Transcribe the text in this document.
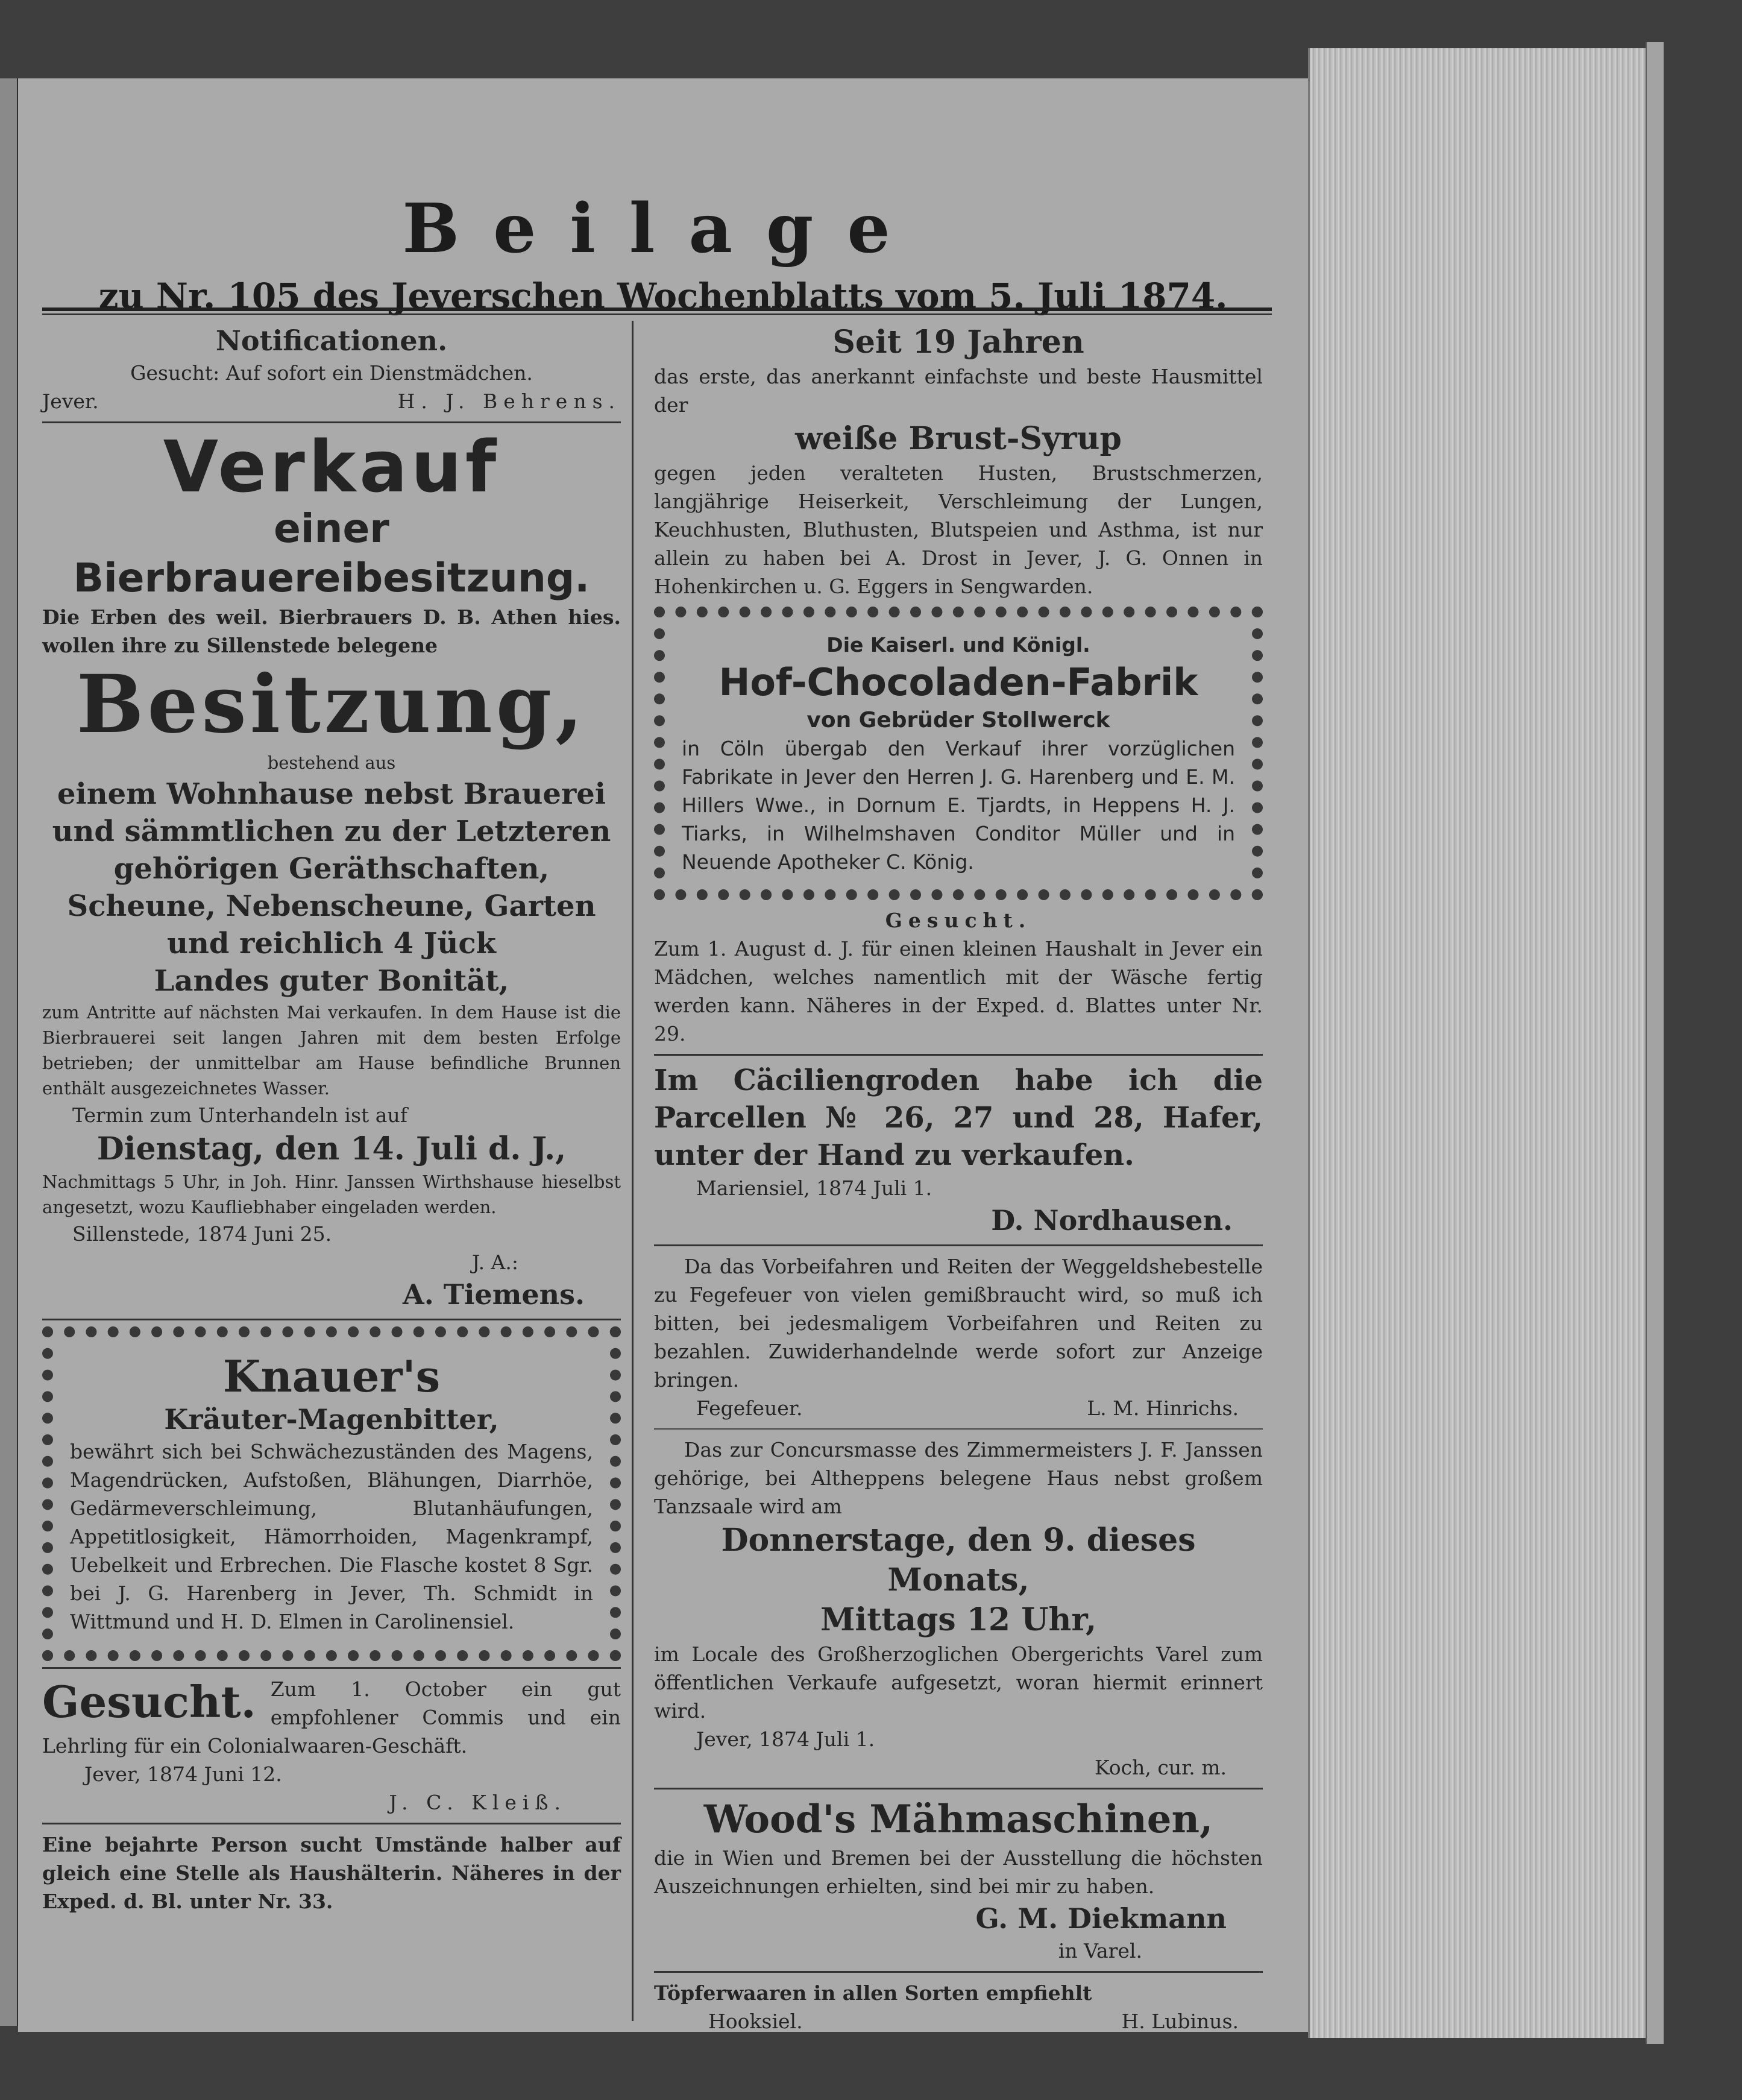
Beilage
zu Nr. 105 des Jeverschen Wochenblatts vom 5. Juli 1874.
Notificationen.
Gesucht: Auf sofort ein Dienstmädchen.
Jever.	H. J. Behrens.
Verkauf
einer Bierbrauereibesitzung.
Die Erben des weil. Bierbrauers D. B. Athen hies. wollen ihre zu Sillenstede belegene
Besitzung,
bestehend aus
einem Wohnhause nebst Brauerei und sämmtlichen zu der Letzteren gehörigen Geräthschaften, Scheune, Nebenscheune, Garten und reichlich 4 Jück
Landes guter Bonität,
zum Antritte auf nächsten Mai verkaufen. In dem Hause ist die Bierbrauerei seit langen Jahren mit dem besten Erfolge betrieben; der unmittelbar am Hause befindliche Brunnen enthält ausgezeichnetes Wasser.
Termin zum Unterhandeln ist auf
Dienstag, den 14. Juli d. J.,
Nachmittags 5 Uhr, in Joh. Hinr. Janssen Wirthshause hieselbst angesetzt, wozu Kaufliebhaber eingeladen werden.
Sillenstede, 1874 Juni 25.
J. A.:
A. Tiemens.
Knauer's
Kräuter-Magenbitter,
bewährt sich bei Schwächezuständen des Magens, Magendrücken, Aufstoßen, Blähungen, Diarrhöe, Gedärmeverschleimung, Blutanhäufungen, Appetitlosigkeit, Hämorrhoiden, Magenkrampf, Uebelkeit und Erbrechen. Die Flasche kostet 8 Sgr. bei J. G. Harenberg in Jever, Th. Schmidt in Wittmund und H. D. Elmen in Carolinensiel.
Gesucht. Zum 1. October ein gut empfohlener Commis und ein Lehrling für ein Colonialwaaren-Geschäft.
Jever, 1874 Juni 12.
J. C. Kleiß.
Eine bejahrte Person sucht Umstände halber auf gleich eine Stelle als Haushälterin. Näheres in der Exped. d. Bl. unter Nr. 33.
Seit 19 Jahren
das erste, das anerkannt einfachste und beste Hausmittel der
weiße Brust-Syrup
gegen jeden veralteten Husten, Brustschmerzen, langjährige Heiserkeit, Verschleimung der Lungen, Keuchhusten, Bluthusten, Blutspeien und Asthma, ist nur allein zu haben bei A. Drost in Jever, J. G. Onnen in Hohenkirchen u. G. Eggers in Sengwarden.
Die Kaiserl. und Königl.
Hof-Chocoladen-Fabrik
von Gebrüder Stollwerck
in Cöln übergab den Verkauf ihrer vorzüglichen Fabrikate in Jever den Herren J. G. Harenberg und E. M. Hillers Wwe., in Dornum E. Tjardts, in Heppens H. J. Tiarks, in Wilhelmshaven Conditor Müller und in Neuende Apotheker C. König.
Gesucht.
Zum 1. August d. J. für einen kleinen Haushalt in Jever ein Mädchen, welches namentlich mit der Wäsche fertig werden kann. Näheres in der Exped. d. Blattes unter Nr. 29.
Im Cäciliengroden habe ich die Parcellen № 26, 27 und 28, Hafer, unter der Hand zu verkaufen.
Mariensiel, 1874 Juli 1.
D. Nordhausen.
Da das Vorbeifahren und Reiten der Weggeldshebestelle zu Fegefeuer von vielen gemißbraucht wird, so muß ich bitten, bei jedesmaligem Vorbeifahren und Reiten zu bezahlen. Zuwiderhandelnde werde sofort zur Anzeige bringen.
Fegefeuer.	L. M. Hinrichs.
Das zur Concursmasse des Zimmermeisters J. F. Janssen gehörige, bei Altheppens belegene Haus nebst großem Tanzsaale wird am
Donnerstage, den 9. dieses Monats,
Mittags 12 Uhr,
im Locale des Großherzoglichen Obergerichts Varel zum öffentlichen Verkaufe aufgesetzt, woran hiermit erinnert wird.
Jever, 1874 Juli 1.
Koch, cur. m.
Wood's Mähmaschinen,
die in Wien und Bremen bei der Ausstellung die höchsten Auszeichnungen erhielten, sind bei mir zu haben.
G. M. Diekmann
in Varel.
Töpferwaaren in allen Sorten empfiehlt
Hooksiel.	H. Lubinus.
